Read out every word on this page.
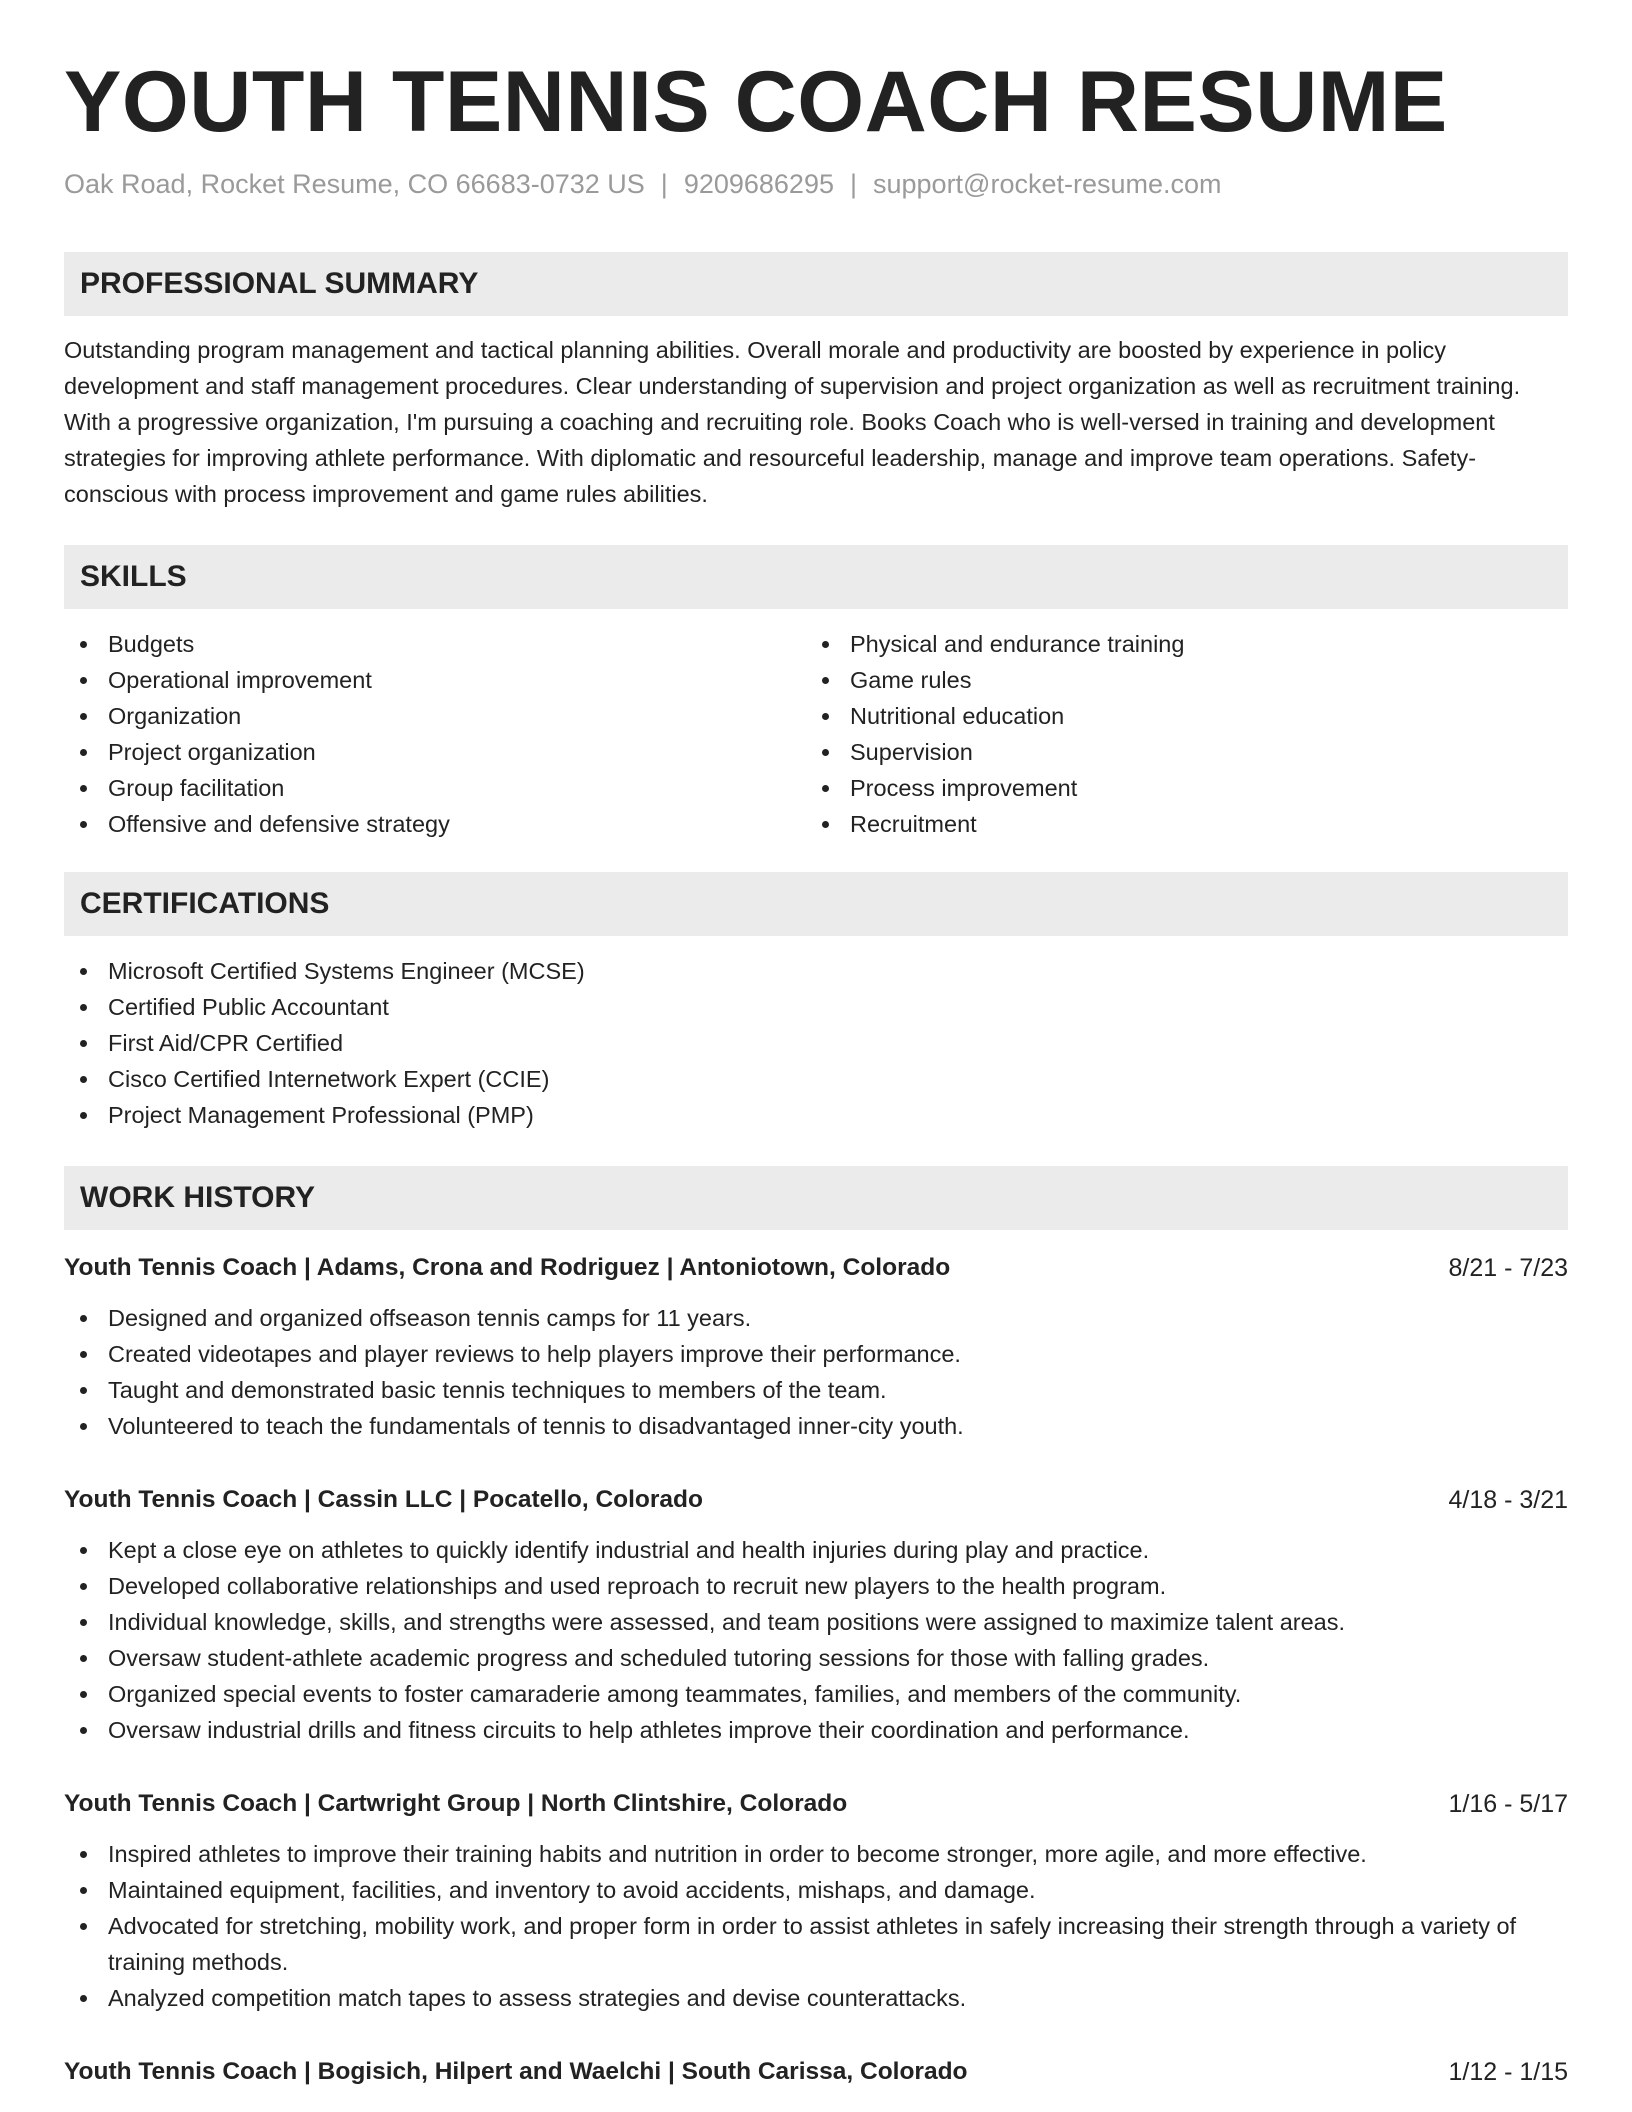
YOUTH TENNIS COACH RESUME
Oak Road, Rocket Resume, CO 66683-0732 US | 9209686295 | support@rocket-resume.com
PROFESSIONAL SUMMARY

Outstanding program management and tactical planning abilities. Overall morale and productivity are boosted by experience in policy development and staff management procedures. Clear understanding of supervision and project organization as well as recruitment training. With a progressive organization, I'm pursuing a coaching and recruiting role. Books Coach who is well-versed in training and development strategies for improving athlete performance. With diplomatic and resourceful leadership, manage and improve team operations. Safety-conscious with process improvement and game rules abilities.

SKILLS
Budgets
Operational improvement
Organization
Project organization
Group facilitation
Offensive and defensive strategy
Physical and endurance training
Game rules
Nutritional education
Supervision
Process improvement
Recruitment
CERTIFICATIONS
Microsoft Certified Systems Engineer (MCSE)
Certified Public Accountant
First Aid/CPR Certified
Cisco Certified Internetwork Expert (CCIE)
Project Management Professional (PMP)
WORK HISTORY
Youth Tennis Coach | Adams, Crona and Rodriguez | Antoniotown, Colorado	8/21 - 7/23
Designed and organized offseason tennis camps for 11 years.
Created videotapes and player reviews to help players improve their performance.
Taught and demonstrated basic tennis techniques to members of the team.
Volunteered to teach the fundamentals of tennis to disadvantaged inner-city youth.
Youth Tennis Coach | Cassin LLC | Pocatello, Colorado	4/18 - 3/21
Kept a close eye on athletes to quickly identify industrial and health injuries during play and practice.
Developed collaborative relationships and used reproach to recruit new players to the health program.
Individual knowledge, skills, and strengths were assessed, and team positions were assigned to maximize talent areas.
Oversaw student-athlete academic progress and scheduled tutoring sessions for those with falling grades.
Organized special events to foster camaraderie among teammates, families, and members of the community.
Oversaw industrial drills and fitness circuits to help athletes improve their coordination and performance.
Youth Tennis Coach | Cartwright Group | North Clintshire, Colorado	1/16 - 5/17
Inspired athletes to improve their training habits and nutrition in order to become stronger, more agile, and more effective.
Maintained equipment, facilities, and inventory to avoid accidents, mishaps, and damage.
Advocated for stretching, mobility work, and proper form in order to assist athletes in safely increasing their strength through a variety of training methods.
Analyzed competition match tapes to assess strategies and devise counterattacks.
Youth Tennis Coach | Bogisich, Hilpert and Waelchi | South Carissa, Colorado	1/12 - 1/15
